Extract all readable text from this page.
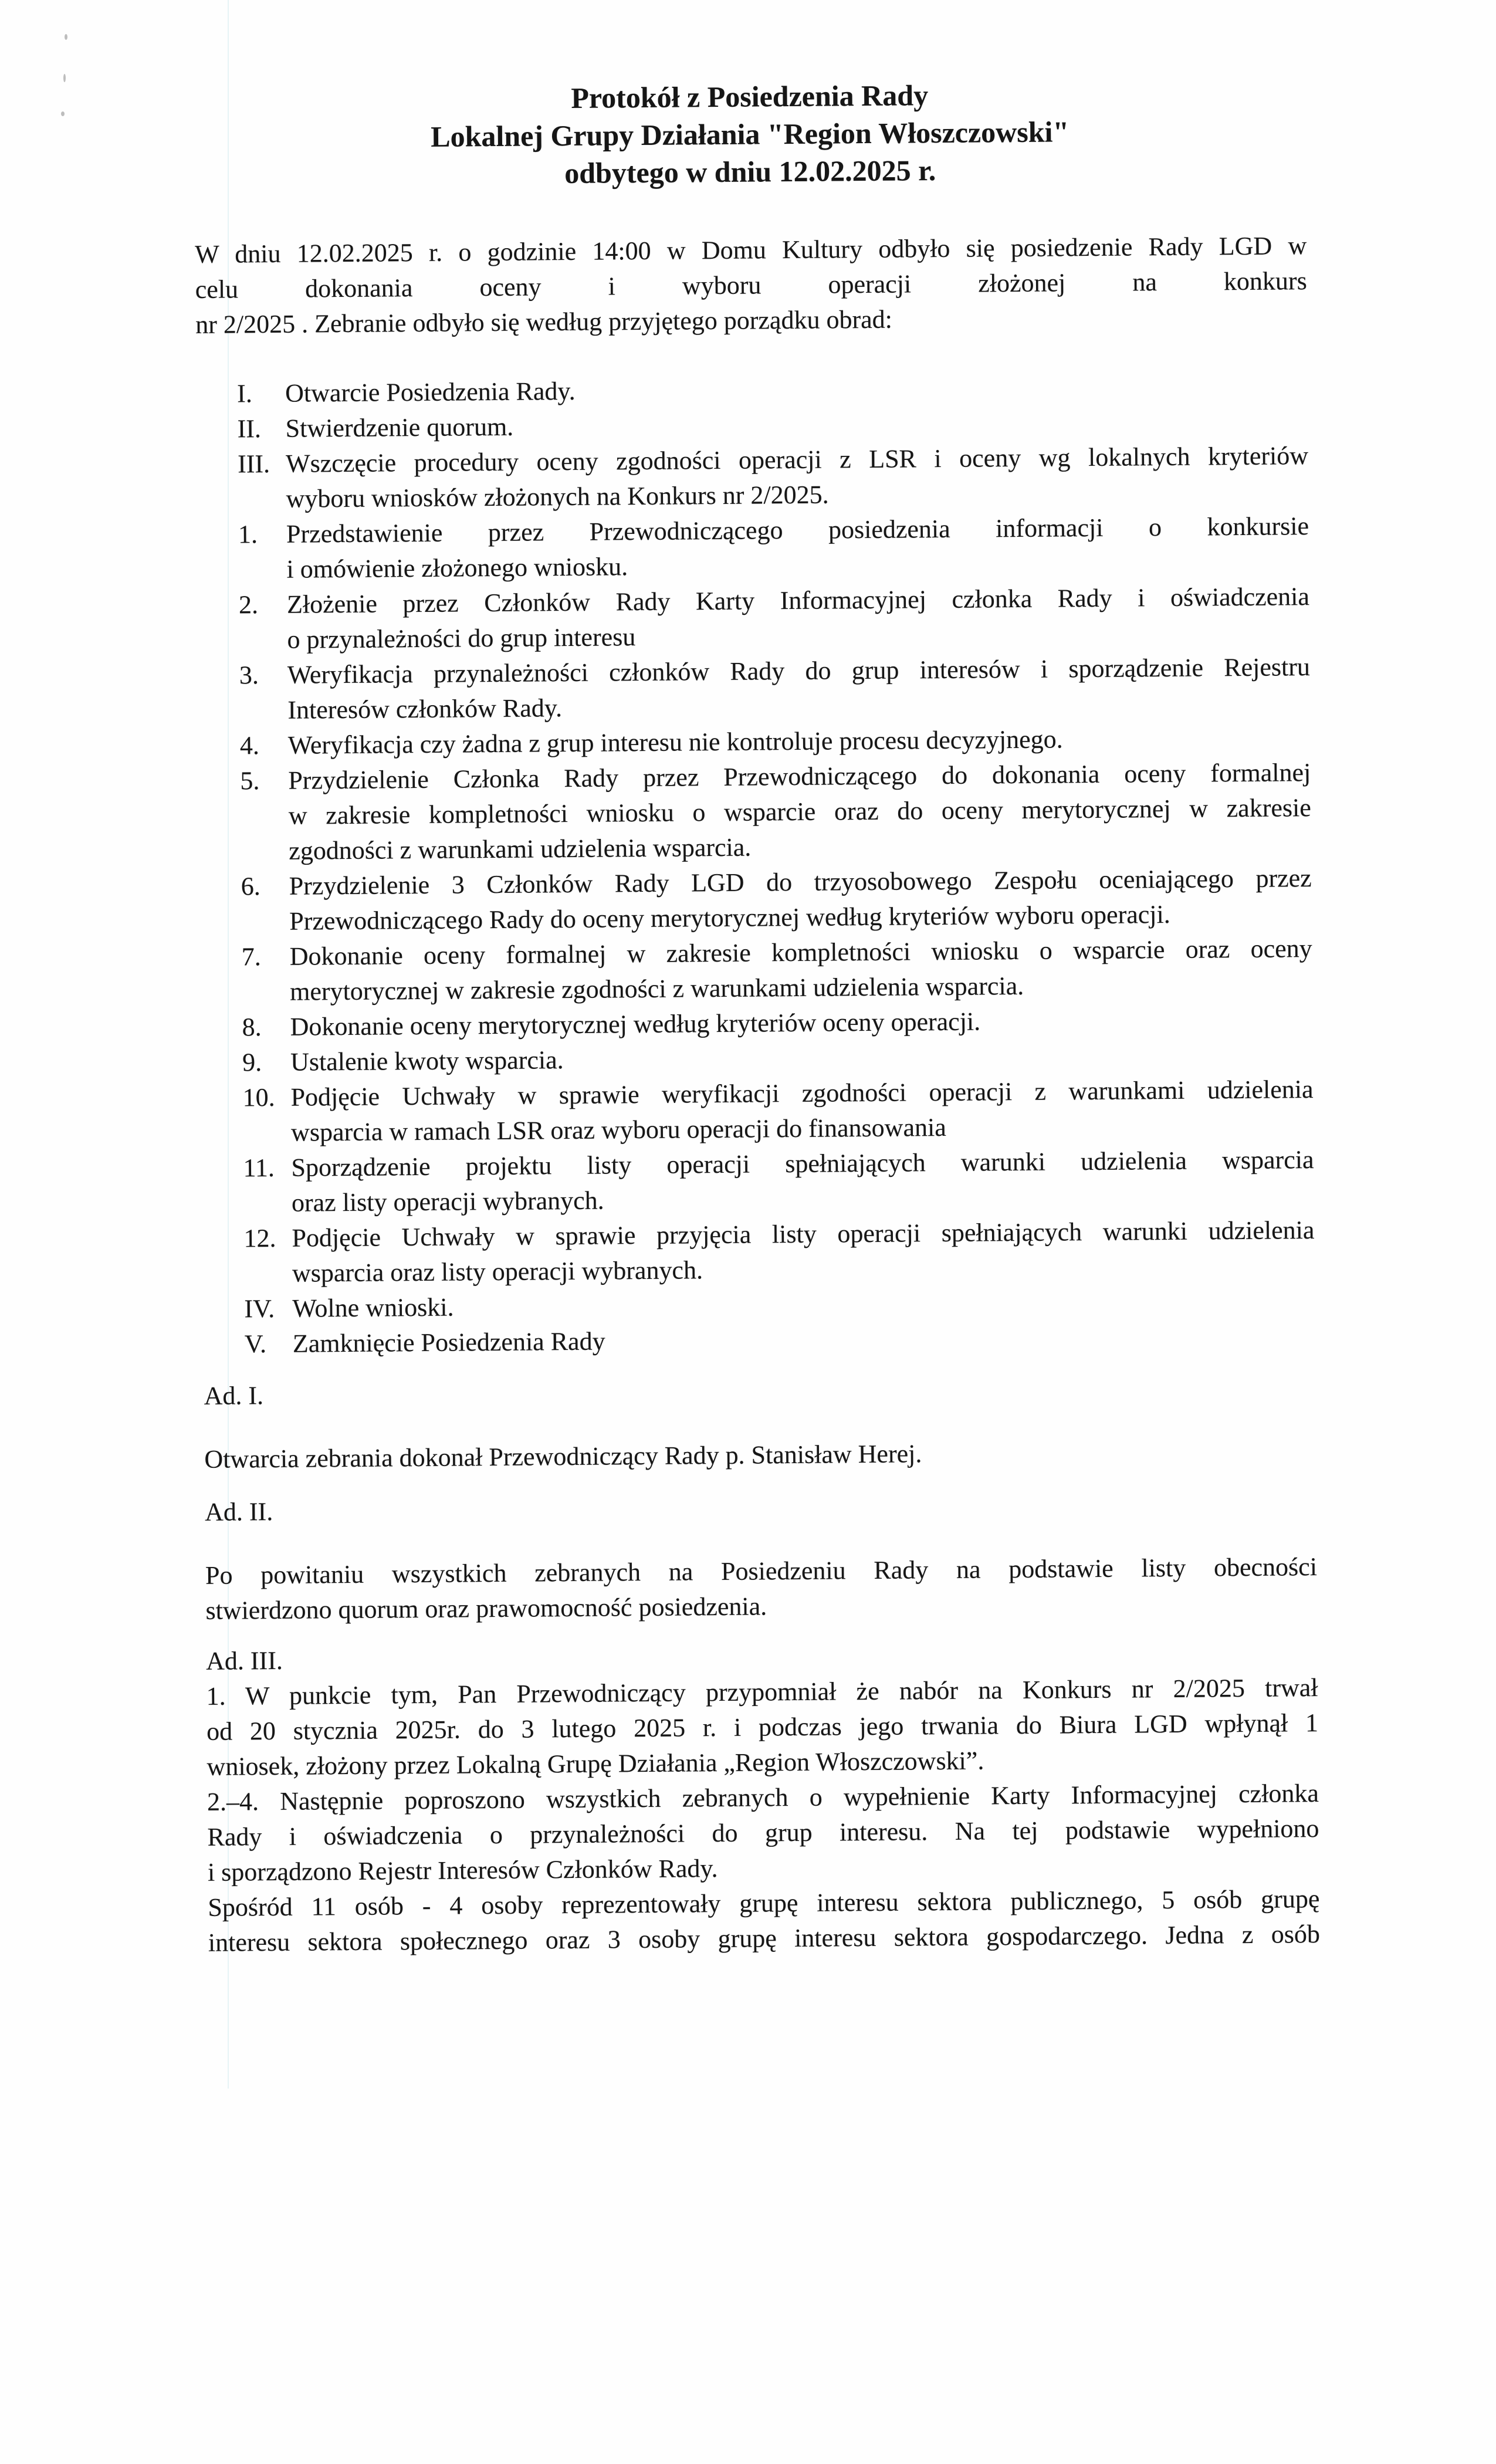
Protokół z Posiedzenia Rady
Lokalnej Grupy Działania "Region Włoszczowski"
odbytego w dniu 12.02.2025 r.
W dniu 12.02.2025 r. o godzinie 14:00 w Domu Kultury odbyło się posiedzenie Rady LGD w
celu dokonania oceny i wyboru operacji złożonej na konkurs
nr 2/2025 . Zebranie odbyło się według przyjętego porządku obrad:
I.	Otwarcie Posiedzenia Rady.
II. Stwierdzenie quorum.
III. Wszczęcie procedury oceny zgodności operacji z LSR i oceny wg lokalnych kryteriów
wyboru wniosków złożonych na Konkurs nr 2/2025.
1.	Przedstawienie przez Przewodniczącego posiedzenia informacji o konkursie
i omówienie złożonego wniosku.
2.	Złożenie przez Członków Rady Karty Informacyjnej członka Rady i oświadczenia
o przynależności do grup interesu
3.	Weryfikacja przynależności członków Rady do grup interesów i sporządzenie Rejestru
Interesów członków Rady.
4.	Weryfikacja czy żadna z grup interesu nie kontroluje procesu decyzyjnego.
5.	Przydzielenie Członka Rady przez Przewodniczącego do dokonania oceny formalnej
w zakresie kompletności wniosku o wsparcie oraz do oceny merytorycznej w zakresie
zgodności z warunkami udzielenia wsparcia.
6.	Przydzielenie 3 Członków Rady LGD do trzyosobowego Zespołu oceniającego przez
Przewodniczącego Rady do oceny merytorycznej według kryteriów wyboru operacji.
7.	Dokonanie oceny formalnej w zakresie kompletności wniosku o wsparcie oraz oceny
merytorycznej w zakresie zgodności z warunkami udzielenia wsparcia.
8.	Dokonanie oceny merytorycznej według kryteriów oceny operacji.
9.	Ustalenie kwoty wsparcia.
10. Podjęcie Uchwały w sprawie weryfikacji zgodności operacji z warunkami udzielenia
wsparcia w ramach LSR oraz wyboru operacji do finansowania
11. Sporządzenie projektu listy operacji spełniających warunki udzielenia wsparcia
oraz listy operacji wybranych.
12. Podjęcie Uchwały w sprawie przyjęcia listy operacji spełniających warunki udzielenia
wsparcia oraz listy operacji wybranych.
IV. Wolne wnioski.
V.	Zamknięcie Posiedzenia Rady
Ad. I.
Otwarcia zebrania dokonał Przewodniczący Rady p. Stanisław Herej.
Ad. II.
Po powitaniu wszystkich zebranych na Posiedzeniu Rady na podstawie listy obecności
stwierdzono quorum oraz prawomocność posiedzenia.
Ad. III.
1. W punkcie tym, Pan Przewodniczący przypomniał że nabór na Konkurs nr 2/2025 trwał
od 20 stycznia 2025r. do 3 lutego 2025 r. i podczas jego trwania do Biura LGD wpłynął 1
wniosek, złożony przez Lokalną Grupę Działania „Region Włoszczowski”.
2.–4. Następnie poproszono wszystkich zebranych o wypełnienie Karty Informacyjnej członka
Rady i oświadczenia o przynależności do grup interesu. Na tej podstawie wypełniono
i sporządzono Rejestr Interesów Członków Rady.
Spośród 11 osób - 4 osoby reprezentowały grupę interesu sektora publicznego, 5 osób grupę
interesu sektora społecznego oraz 3 osoby grupę interesu sektora gospodarczego. Jedna z osób
